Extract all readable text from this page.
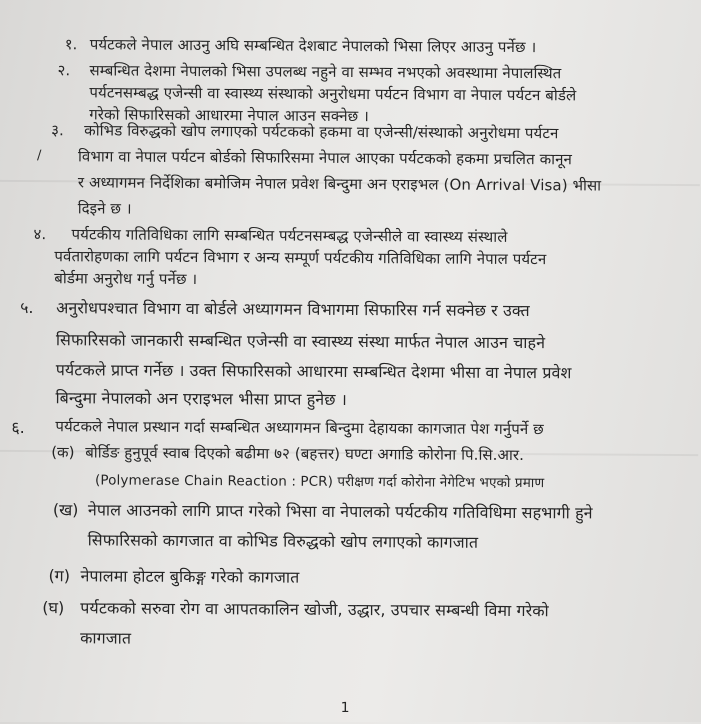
१. पर्यटकले नेपाल आउनु अघि सम्बन्धित देशबाट नेपालको भिसा लिएर आउनु पर्नेछ ।
२. सम्बन्धित देशमा नेपालको भिसा उपलब्ध नहुने वा सम्भव नभएको अवस्थामा नेपालस्थित
पर्यटनसम्बद्ध एजेन्सी वा स्वास्थ्य संस्थाको अनुरोधमा पर्यटन विभाग वा नेपाल पर्यटन बोर्डले
गरेको सिफारिसको आधारमा नेपाल आउन सक्नेछ ।
३. कोभिड विरुद्धको खोप लगाएको पर्यटकको हकमा वा एजेन्सी/संस्थाको अनुरोधमा पर्यटन
/ विभाग वा नेपाल पर्यटन बोर्डको सिफारिसमा नेपाल आएका पर्यटकको हकमा प्रचलित कानून
र अध्यागमन निर्देशिका बमोजिम नेपाल प्रवेश बिन्दुमा अन एराइभल (On Arrival Visa) भीसा
दिइने छ ।
४. पर्यटकीय गतिविधिका लागि सम्बन्धित पर्यटनसम्बद्ध एजेन्सीले वा स्वास्थ्य संस्थाले
पर्वतारोहणका लागि पर्यटन विभाग र अन्य सम्पूर्ण पर्यटकीय गतिविधिका लागि नेपाल पर्यटन
बोर्डमा अनुरोध गर्नु पर्नेछ ।
५. अनुरोधपश्चात विभाग वा बोर्डले अध्यागमन विभागमा सिफारिस गर्न सक्नेछ र उक्त
सिफारिसको जानकारी सम्बन्धित एजेन्सी वा स्वास्थ्य संस्था मार्फत नेपाल आउन चाहने
पर्यटकले प्राप्त गर्नेछ । उक्त सिफारिसको आधारमा सम्बन्धित देशमा भीसा वा नेपाल प्रवेश
बिन्दुमा नेपालको अन एराइभल भीसा प्राप्त हुनेछ ।
६. पर्यटकले नेपाल प्रस्थान गर्दा सम्बन्धित अध्यागमन बिन्दुमा देहायका कागजात पेश गर्नुपर्ने छ
(क) बोर्डिङ हुनुपूर्व स्वाब दिएको बढीमा ७२ (बहत्तर) घण्टा अगाडि कोरोना पि.सि.आर.
(Polymerase Chain Reaction : PCR) परीक्षण गर्दा कोरोना नेगेटिभ भएको प्रमाण
(ख) नेपाल आउनको लागि प्राप्त गरेको भिसा वा नेपालको पर्यटकीय गतिविधिमा सहभागी हुने
सिफारिसको कागजात वा कोभिड विरुद्धको खोप लगाएको कागजात
(ग) नेपालमा होटल बुकिङ्ग गरेको कागजात
(घ) पर्यटकको सरुवा रोग वा आपतकालिन खोजी, उद्धार, उपचार सम्बन्धी विमा गरेको
कागजात
1
